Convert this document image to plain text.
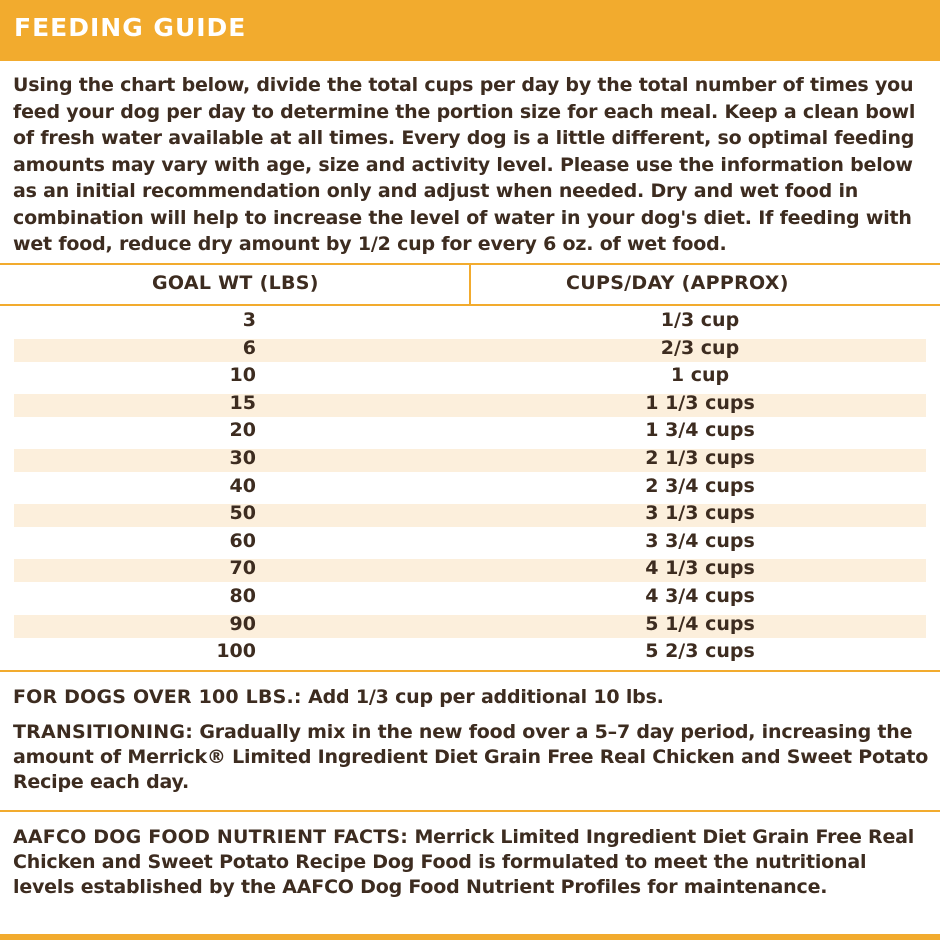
FEEDING GUIDE
Using the chart below, divide the total cups per day by the total number of times you feed your dog per day to determine the portion size for each meal. Keep a clean bowl of fresh water available at all times. Every dog is a little different, so optimal feeding amounts may vary with age, size and activity level. Please use the information below as an initial recommendation only and adjust when needed. Dry and wet food in combination will help to increase the level of water in your dog's diet. If feeding with wet food, reduce dry amount by 1/2 cup for every 6 oz. of wet food.
GOAL WT (LBS)	CUPS/DAY (APPROX)
3	1/3 cup
6	2/3 cup
10	1 cup
15	1 1/3 cups
20	1 3/4 cups
30	2 1/3 cups
40	2 3/4 cups
50	3 1/3 cups
60	3 3/4 cups
70	4 1/3 cups
80	4 3/4 cups
90	5 1/4 cups
100	5 2/3 cups
FOR DOGS OVER 100 LBS.: Add 1/3 cup per additional 10 lbs.
TRANSITIONING: Gradually mix in the new food over a 5–7 day period, increasing the amount of Merrick® Limited Ingredient Diet Grain Free Real Chicken and Sweet Potato Recipe each day.
AAFCO DOG FOOD NUTRIENT FACTS: Merrick Limited Ingredient Diet Grain Free Real Chicken and Sweet Potato Recipe Dog Food is formulated to meet the nutritional levels established by the AAFCO Dog Food Nutrient Profiles for maintenance.
